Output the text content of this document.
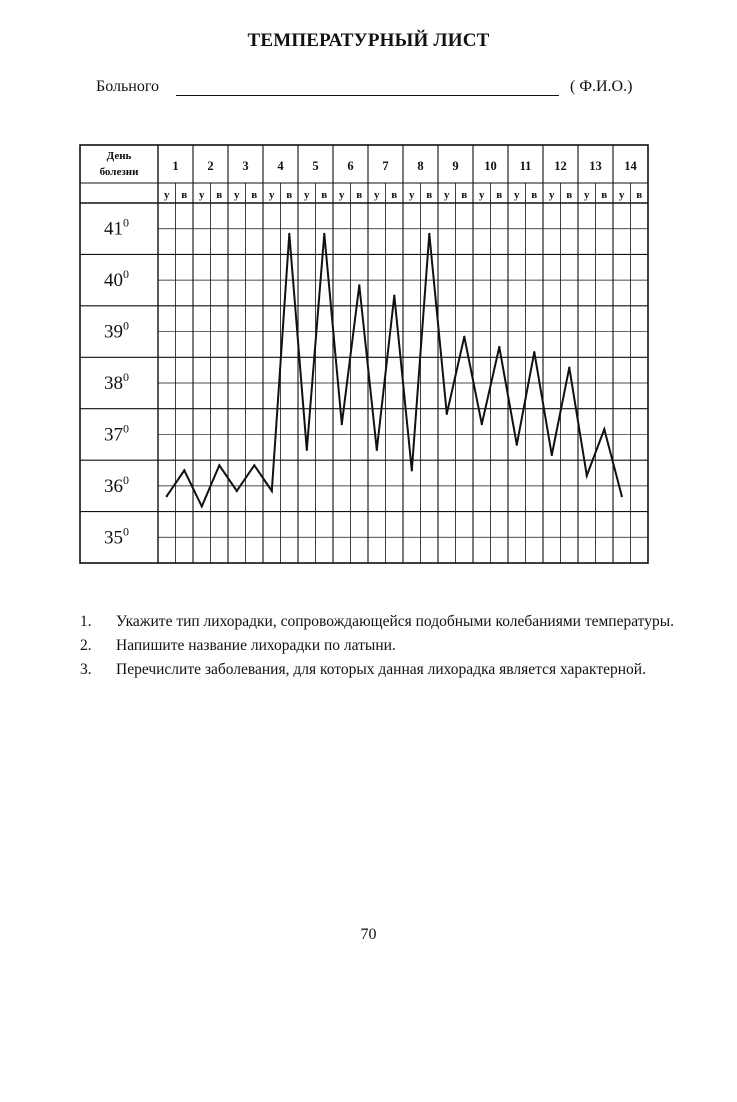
ТЕМПЕРАТУРНЫЙ ЛИСТ
Больного	( Ф.И.О.)
День
болезни	1 2 3 4 5 6 7 8 9 10 11 12 13 14
у в у в у в у в у в у в у в у в у в у в у в у в у в у в
$41^0$
$40^0$
$39^0$
$38^0$
$37^0$
$36^0$
$35^0$
1. Укажите тип лихорадки, сопровождающейся подобными колебаниями температуры.
2. Напишите название лихорадки по латыни.
3. Перечислите заболевания, для которых данная лихорадка является характерной.
70
